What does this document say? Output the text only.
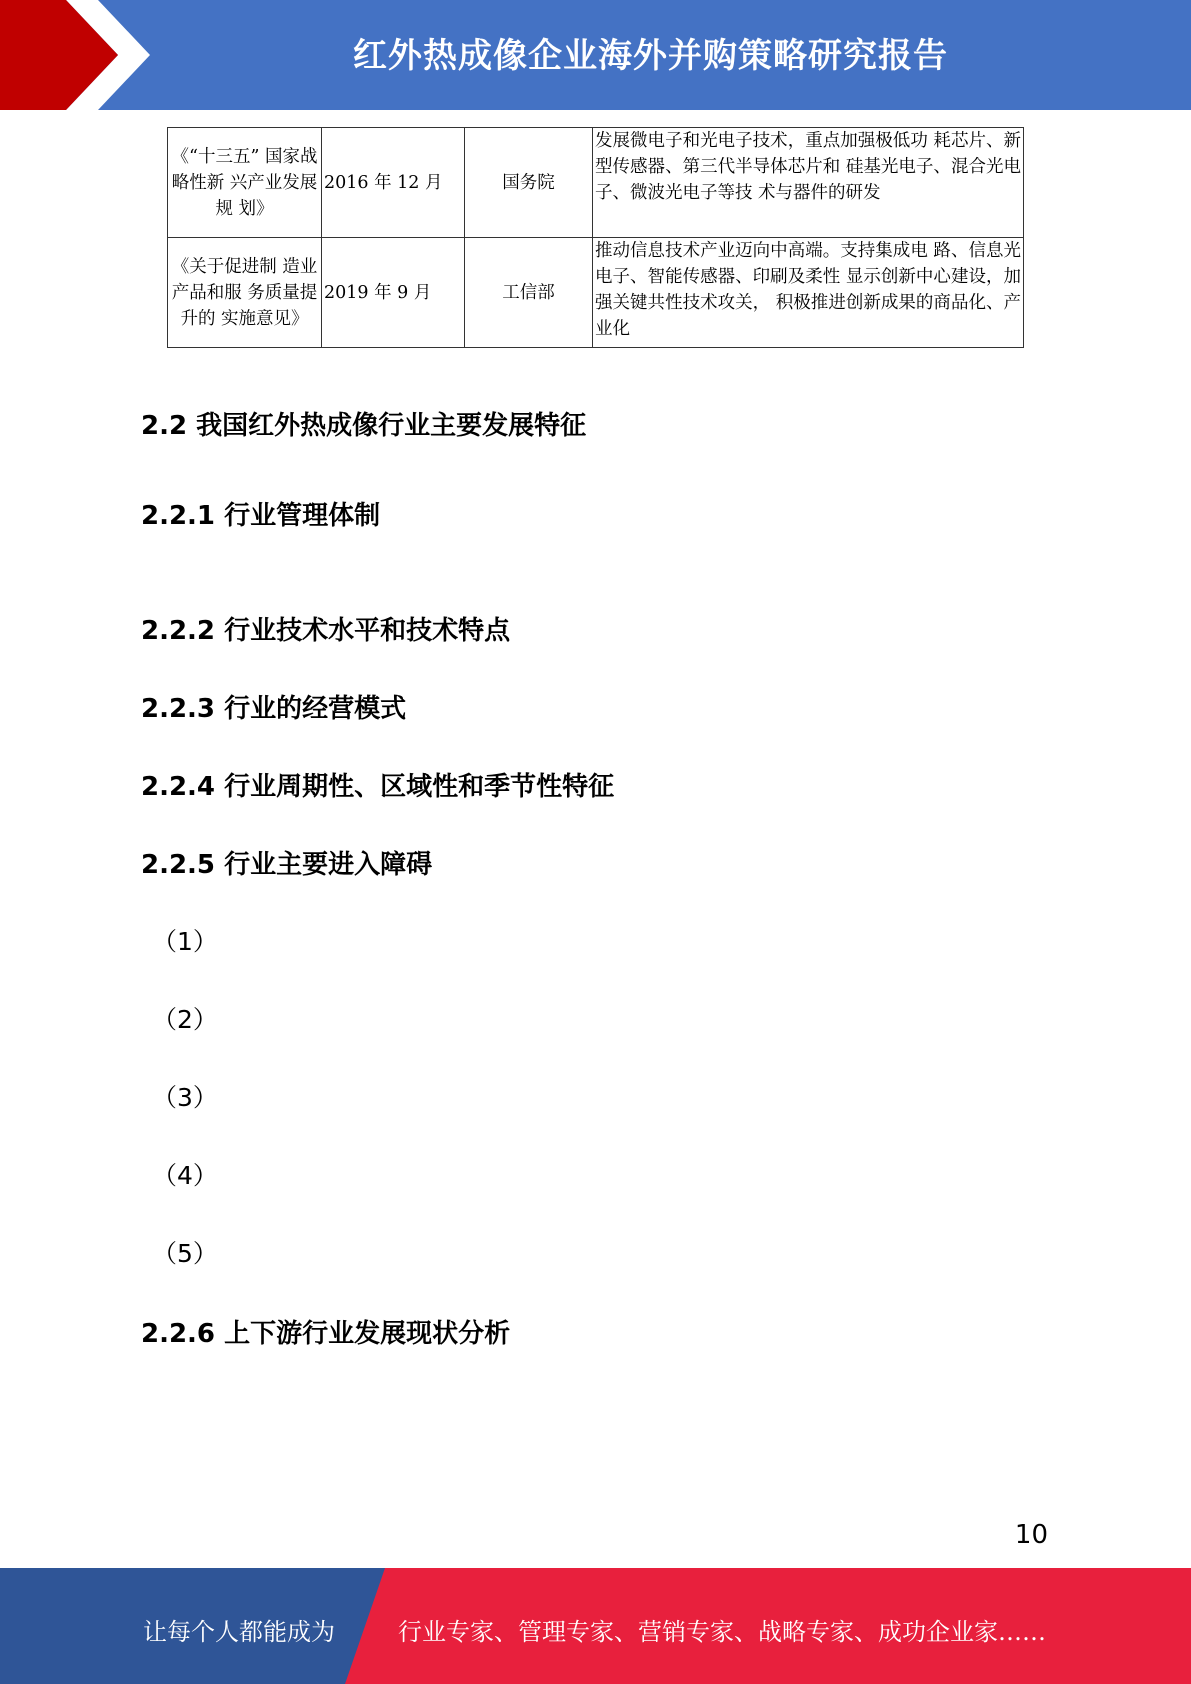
红外热成像企业海外并购策略研究报告
《“十三五” 国家战略性新 兴产业发展规 划》	2016 年 12 月	国务院	发展微电子和光电子技术，重点加强极低功 耗芯片、新型传感器、第三代半导体芯片和 硅基光电子、混合光电子、微波光电子等技 术与器件的研发
《关于促进制 造业产品和服 务质量提升的 实施意见》	2019 年 9 月	工信部	推动信息技术产业迈向中高端。支持集成电 路、信息光电子、智能传感器、印刷及柔性 显示创新中心建设，加强关键共性技术攻关， 积极推进创新成果的商品化、产业化
2.2 我国红外热成像行业主要发展特征
2.2.1 行业管理体制
2.2.2 行业技术水平和技术特点
2.2.3 行业的经营模式
2.2.4 行业周期性、区域性和季节性特征
2.2.5 行业主要进入障碍
（1）
（2）
（3）
（4）
（5）
2.2.6 上下游行业发展现状分析
10
让每个人都能成为	行业专家、管理专家、营销专家、战略专家、成功企业家……
